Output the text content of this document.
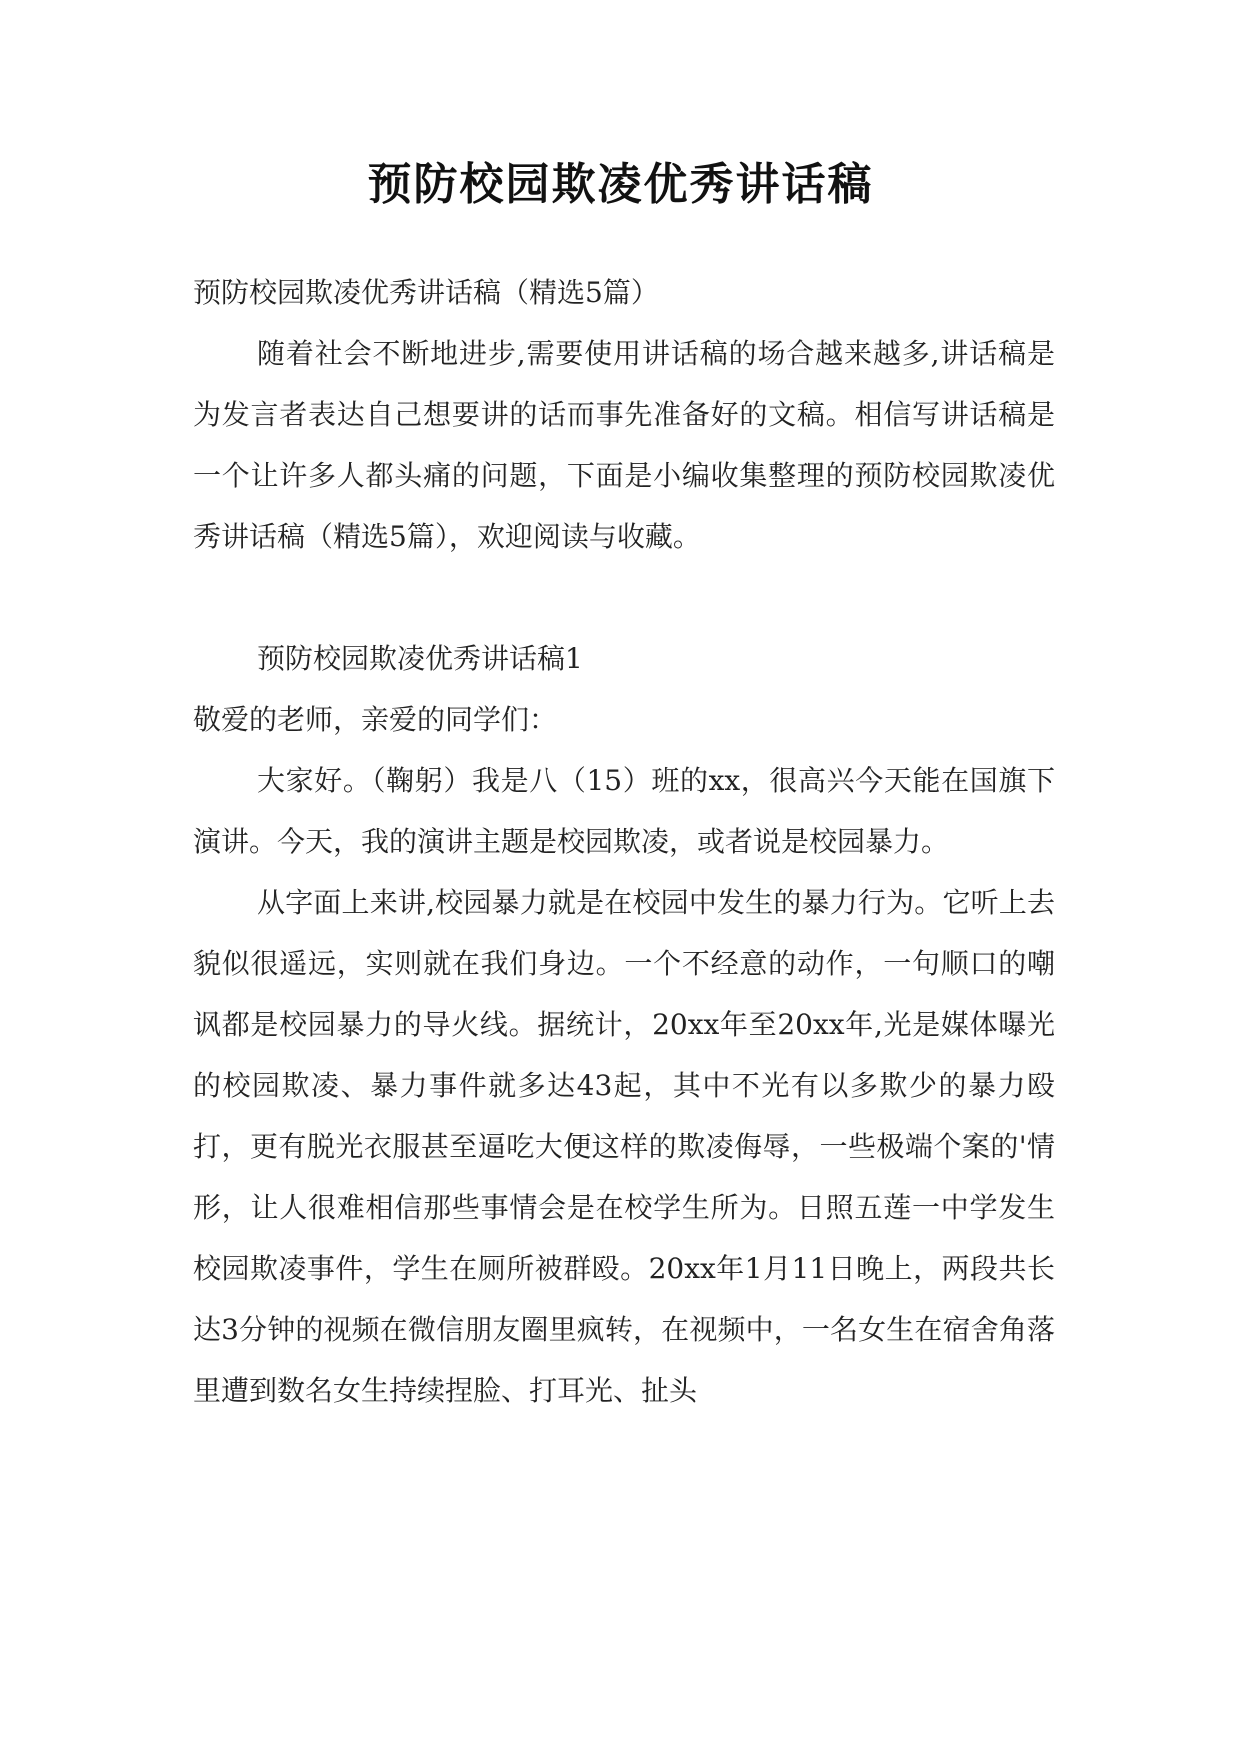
预防校园欺凌优秀讲话稿

预防校园欺凌优秀讲话稿（精选5篇）

随着社会不断地进步,需要使用讲话稿的场合越来越多,讲话稿是为发言者表达自己想要讲的话而事先准备好的文稿。相信写讲话稿是一个让许多人都头痛的问题，下面是小编收集整理的预防校园欺凌优秀讲话稿（精选5篇），欢迎阅读与收藏。

预防校园欺凌优秀讲话稿1

敬爱的老师，亲爱的同学们：

大家好。（鞠躬）我是八（15）班的xx，很高兴今天能在国旗下演讲。今天，我的演讲主题是校园欺凌，或者说是校园暴力。

从字面上来讲,校园暴力就是在校园中发生的暴力行为。它听上去貌似很遥远，实则就在我们身边。一个不经意的动作，一句顺口的嘲讽都是校园暴力的导火线。据统计，20xx年至20xx年,光是媒体曝光的校园欺凌、暴力事件就多达43起，其中不光有以多欺少的暴力殴打，更有脱光衣服甚至逼吃大便这样的欺凌侮辱，一些极端个案的'情形，让人很难相信那些事情会是在校学生所为。日照五莲一中学发生校园欺凌事件，学生在厕所被群殴。20xx年1月11日晚上，两段共长达3分钟的视频在微信朋友圈里疯转，在视频中，一名女生在宿舍角落里遭到数名女生持续捏脸、打耳光、扯头
